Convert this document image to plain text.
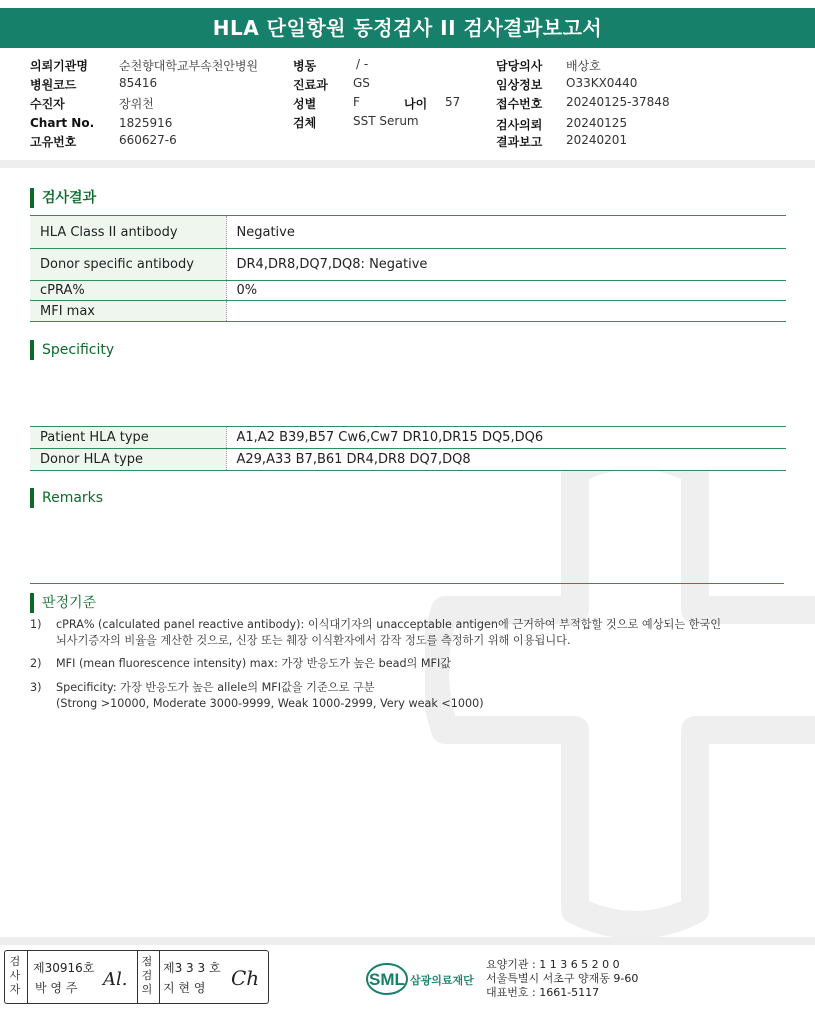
HLA 단일항원 동정검사 II 검사결과보고서
의뢰기관명	순천향대학교부속천안병원
병원코드	85416
수진자	장위천
Chart No. 1825916
고유번호	660627-6
병동	/ -
진료과 GS
성별	F	나이 57
검체	SST Serum
담당의사 배상호
임상정보 O33KX0440
접수번호 20240125-37848
검사의뢰 20240125
결과보고 20240201
검사결과
HLA Class II antibody	Negative
Donor specific antibody	DR4,DR8,DQ7,DQ8: Negative
cPRA%	0%
MFI max	
Specificity
Patient HLA type	A1,A2 B39,B57 Cw6,Cw7 DR10,DR15 DQ5,DQ6
Donor HLA type	A29,A33 B7,B61 DR4,DR8 DQ7,DQ8
Remarks
판정기준
1)	cPRA% (calculated panel reactive antibody): 이식대기자의 unacceptable antigen에 근거하여 부적합할 것으로 예상되는 한국인
뇌사기증자의 비율을 계산한 것으로, 신장 또는 췌장 이식환자에서 감작 정도를 측정하기 위해 이용됩니다.
2)	MFI (mean fluorescence intensity) max: 가장 반응도가 높은 bead의 MFI값
3)	Specificity: 가장 반응도가 높은 allele의 MFI값을 기준으로 구분
(Strong >10000, Moderate 3000-9999, Weak 1000-2999, Very weak <1000)
검사자
제30916호
박 영 주 Al.
점검의
제3 3 3 호
지 현 영 Ch	SML 삼광의료재단
요양기관 : 1 1 3 6 5 2 0 0
서울특별시 서초구 양재동 9-60
대표번호 : 1661-5117
